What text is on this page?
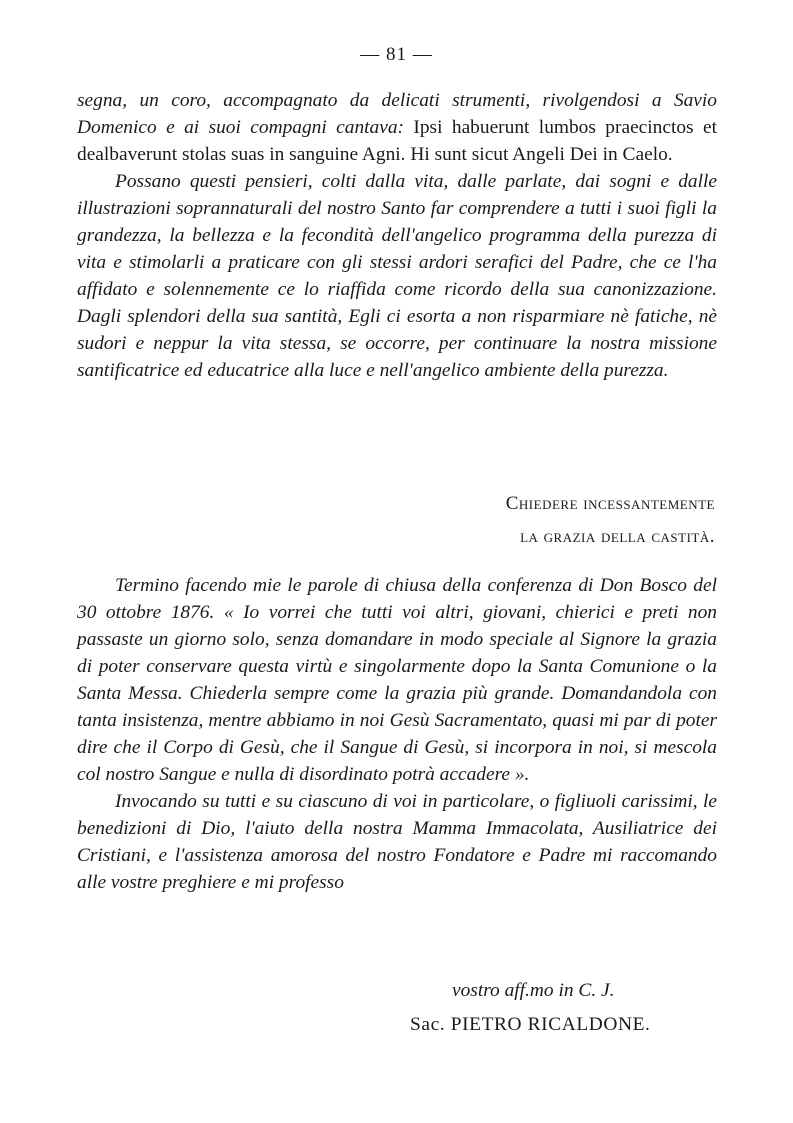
— 81 —

segna, un coro, accompagnato da delicati strumenti, rivolgendosi a Savio Domenico e ai suoi compagni cantava: Ipsi habuerunt lumbos praecinctos et dealbaverunt stolas suas in sanguine Agni. Hi sunt sicut Angeli Dei in Caelo.

Possano questi pensieri, colti dalla vita, dalle parlate, dai sogni e dalle illustrazioni soprannaturali del nostro Santo far comprendere a tutti i suoi figli la grandezza, la bellezza e la fecondità dell'angelico programma della purezza di vita e stimolarli a praticare con gli stessi ardori serafici del Padre, che ce l'ha affidato e solennemente ce lo riaffida come ricordo della sua canonizzazione. Dagli splendori della sua santità, Egli ci esorta a non risparmiare nè fatiche, nè sudori e neppur la vita stessa, se occorre, per continuare la nostra missione santificatrice ed educatrice alla luce e nell'angelico ambiente della purezza.

Chiedere incessantemente
la grazia della castità.

Termino facendo mie le parole di chiusa della conferenza di Don Bosco del 30 ottobre 1876. « Io vorrei che tutti voi altri, giovani, chierici e preti non passaste un giorno solo, senza domandare in modo speciale al Signore la grazia di poter conservare questa virtù e singolarmente dopo la Santa Comunione o la Santa Messa. Chiederla sempre come la grazia più grande. Domandandola con tanta insistenza, mentre abbiamo in noi Gesù Sacramentato, quasi mi par di poter dire che il Corpo di Gesù, che il Sangue di Gesù, si incorpora in noi, si mescola col nostro Sangue e nulla di disordinato potrà accadere ».

Invocando su tutti e su ciascuno di voi in particolare, o figliuoli carissimi, le benedizioni di Dio, l'aiuto della nostra Mamma Immacolata, Ausiliatrice dei Cristiani, e l'assistenza amorosa del nostro Fondatore e Padre mi raccomando alle vostre preghiere e mi professo

vostro aff.mo in C. J.
Sac. PIETRO RICALDONE.
